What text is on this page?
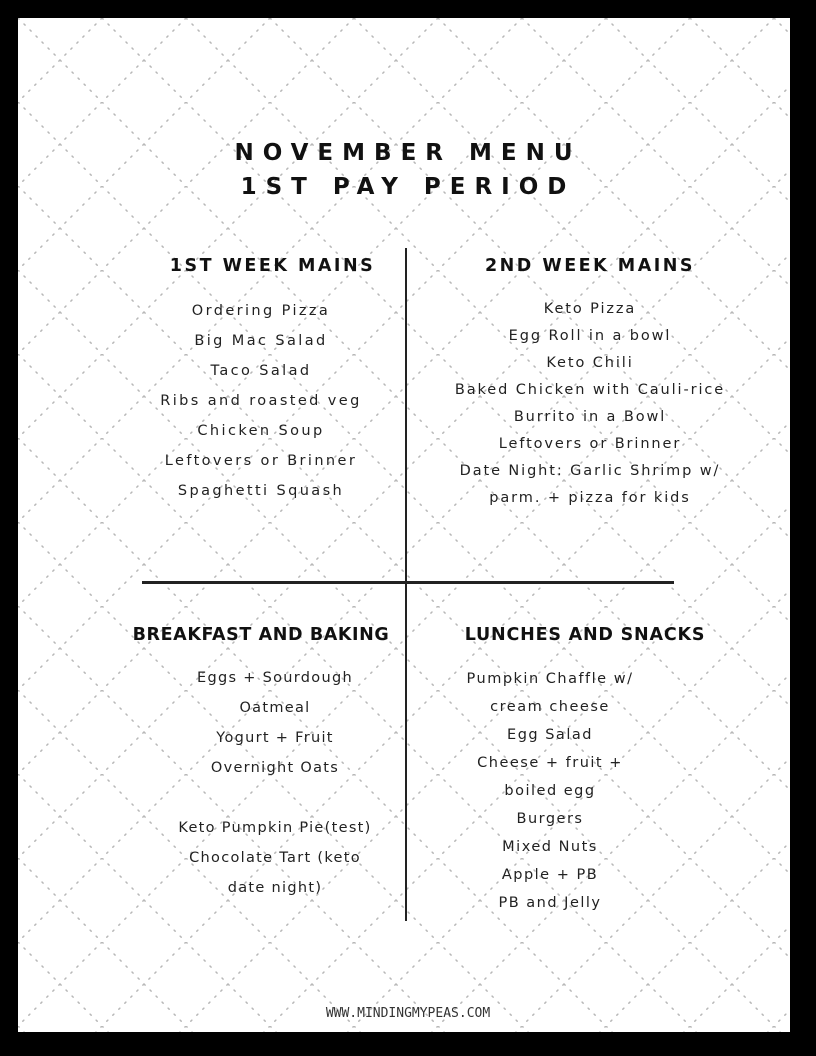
NOVEMBER MENU
1ST PAY PERIOD
1ST WEEK MAINS
Ordering Pizza
Big Mac Salad
Taco Salad
Ribs and roasted veg
Chicken Soup
Leftovers or Brinner
Spaghetti Squash
2ND WEEK MAINS
Keto Pizza
Egg Roll in a bowl
Keto Chili
Baked Chicken with Cauli-rice
Burrito in a Bowl
Leftovers or Brinner
Date Night: Garlic Shrimp w/
parm. + pizza for kids
BREAKFAST AND BAKING
Eggs + Sourdough
Oatmeal
Yogurt + Fruit
Overnight Oats

Keto Pumpkin Pie(test)
Chocolate Tart (keto
date night)
LUNCHES AND SNACKS
Pumpkin Chaffle w/
cream cheese
Egg Salad
Cheese + fruit +
boiled egg
Burgers
Mixed Nuts
Apple + PB
PB and Jelly
WWW.MINDINGMYPEAS.COM
